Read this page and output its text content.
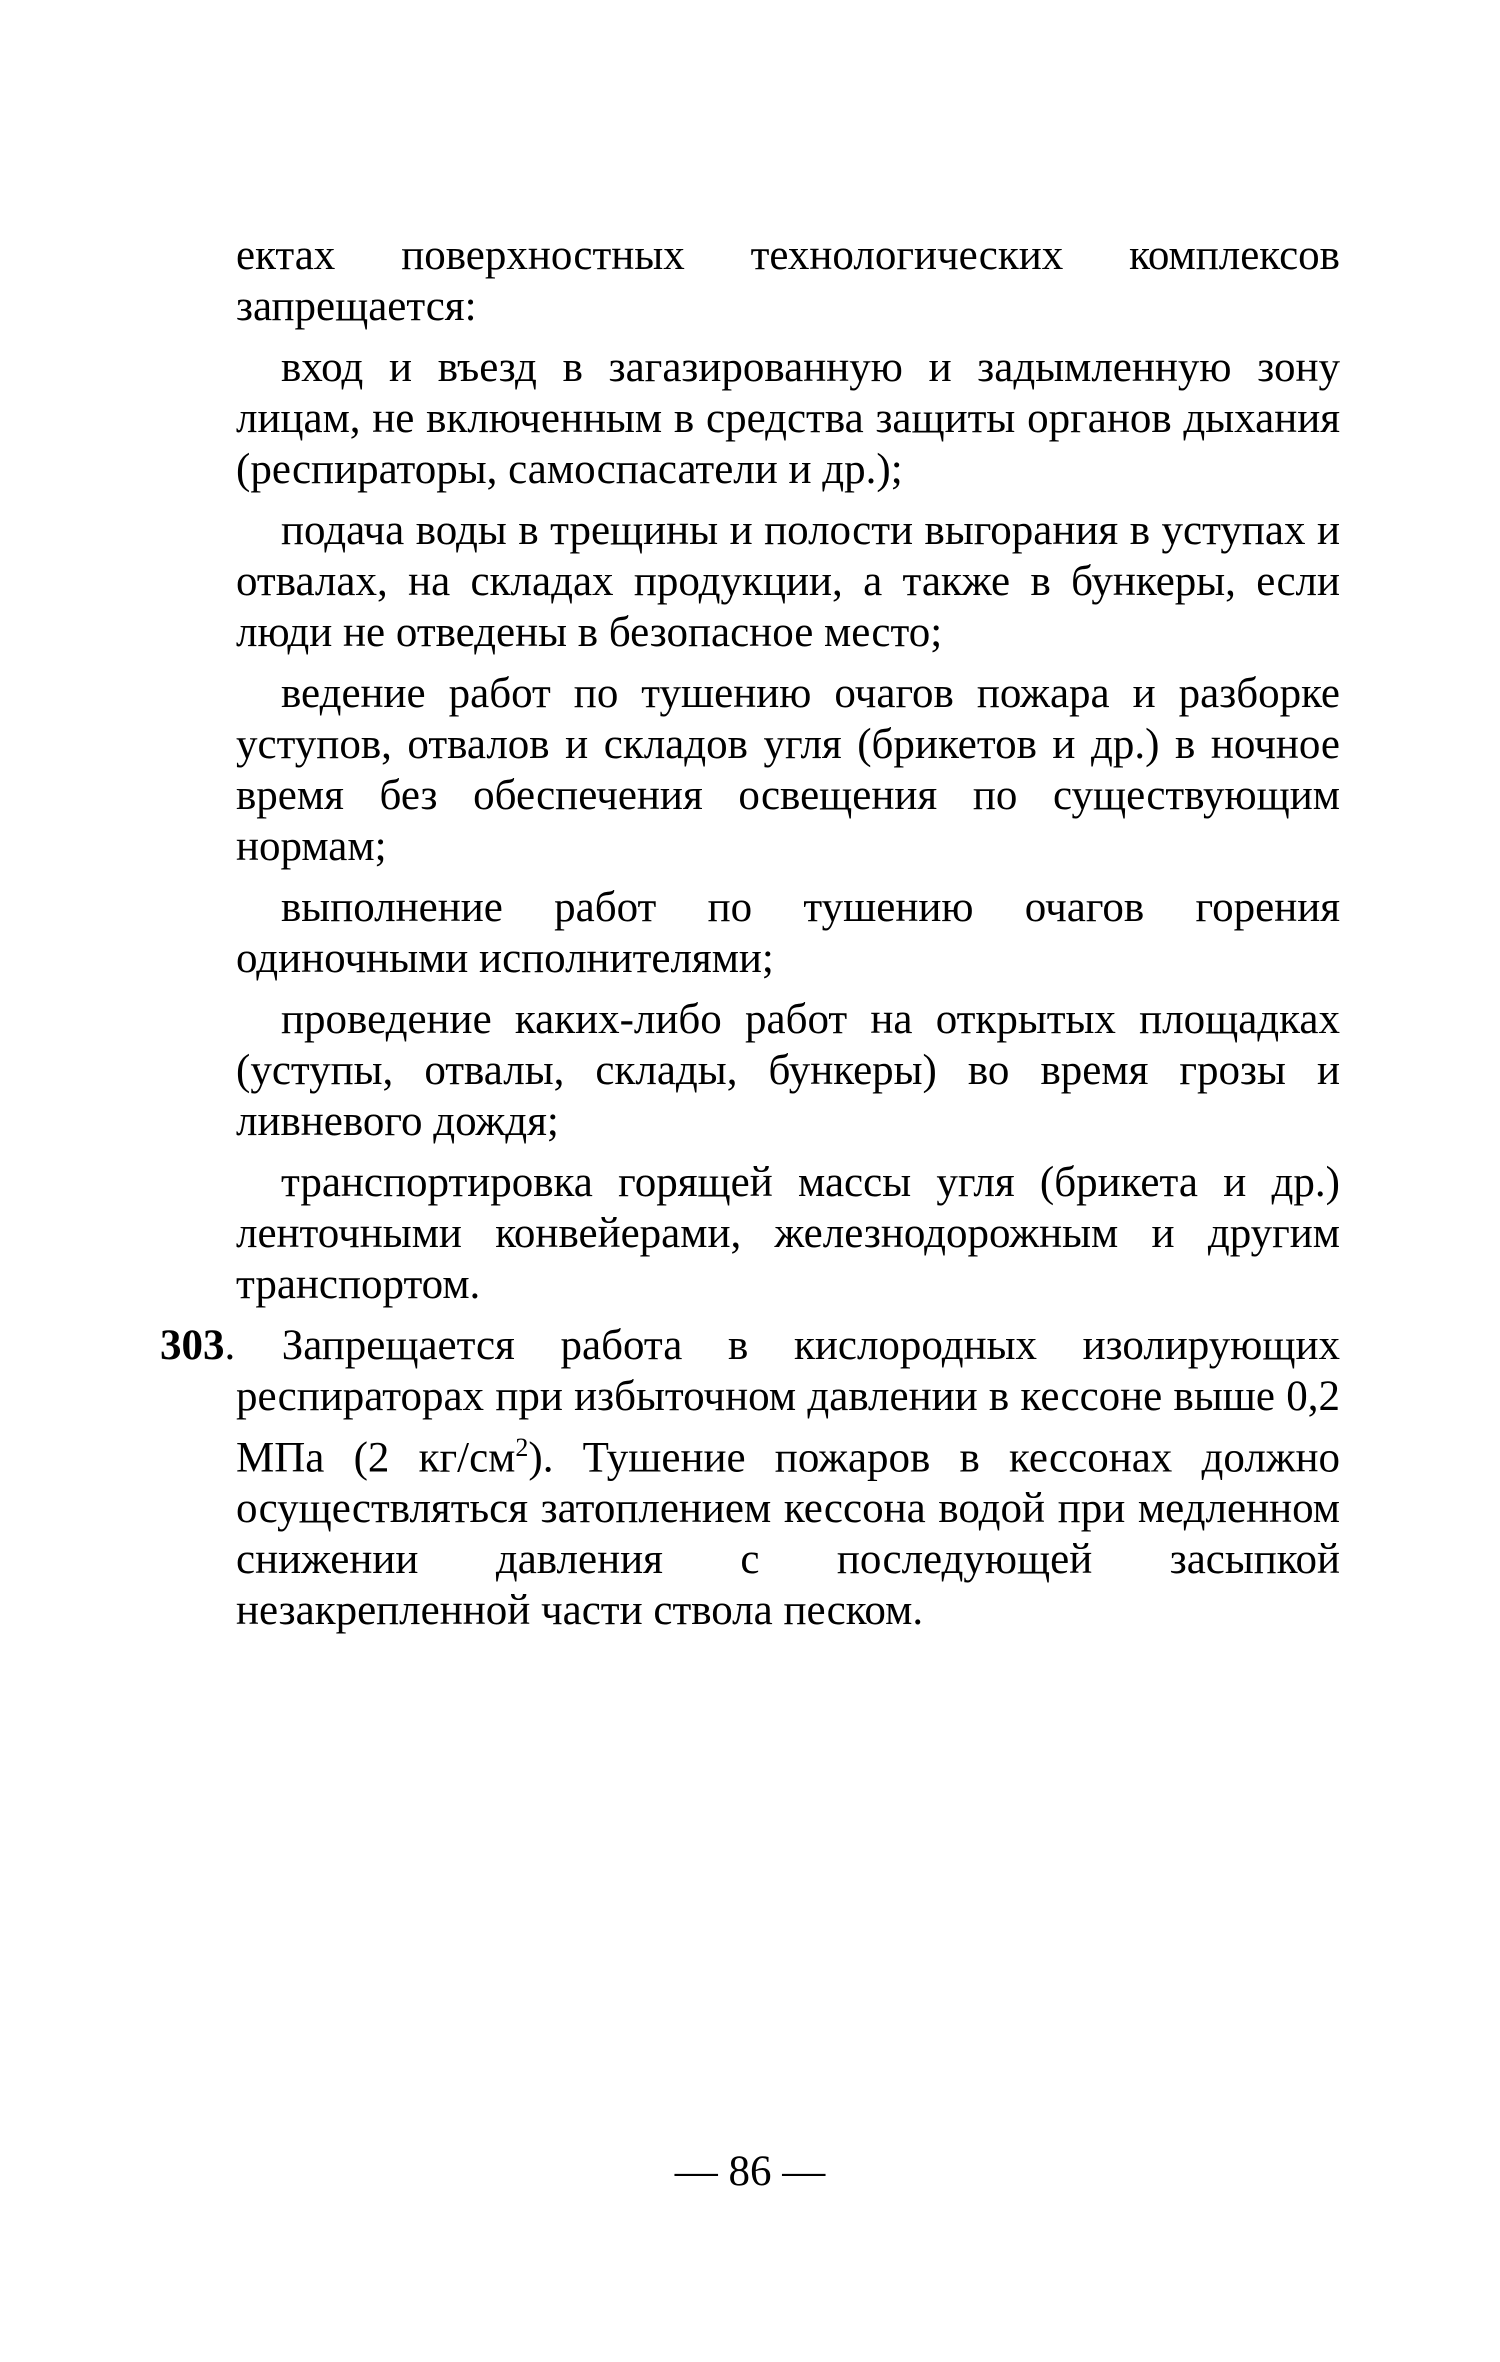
ектах поверхностных технологических комплексов запрещается:

вход и въезд в загазированную и задымленную зону лицам, не включенным в средства защиты органов дыхания (респираторы, самоспасатели и др.);

подача воды в трещины и полости выгорания в уступах и отвалах, на складах продукции, а также в бункеры, если люди не отведены в безопасное место;

ведение работ по тушению очагов пожара и разборке уступов, отвалов и складов угля (брикетов и др.) в ночное время без обеспечения освещения по существующим нормам;

выполнение работ по тушению очагов горения одиночными исполнителями;

проведение каких-либо работ на открытых площадках (уступы, отвалы, склады, бункеры) во время грозы и ливневого дождя;

транспортировка горящей массы угля (брикета и др.) ленточными конвейерами, железнодорожным и другим транспортом.

303. Запрещается работа в кислородных изолирующих респираторах при избыточном давлении в кессоне выше 0,2 МПа (2 $кг/см^2$). Тушение пожаров в кессонах должно осуществляться затоплением кессона водой при медленном снижении давления с последующей засыпкой незакрепленной части ствола песком.

— 86 —
